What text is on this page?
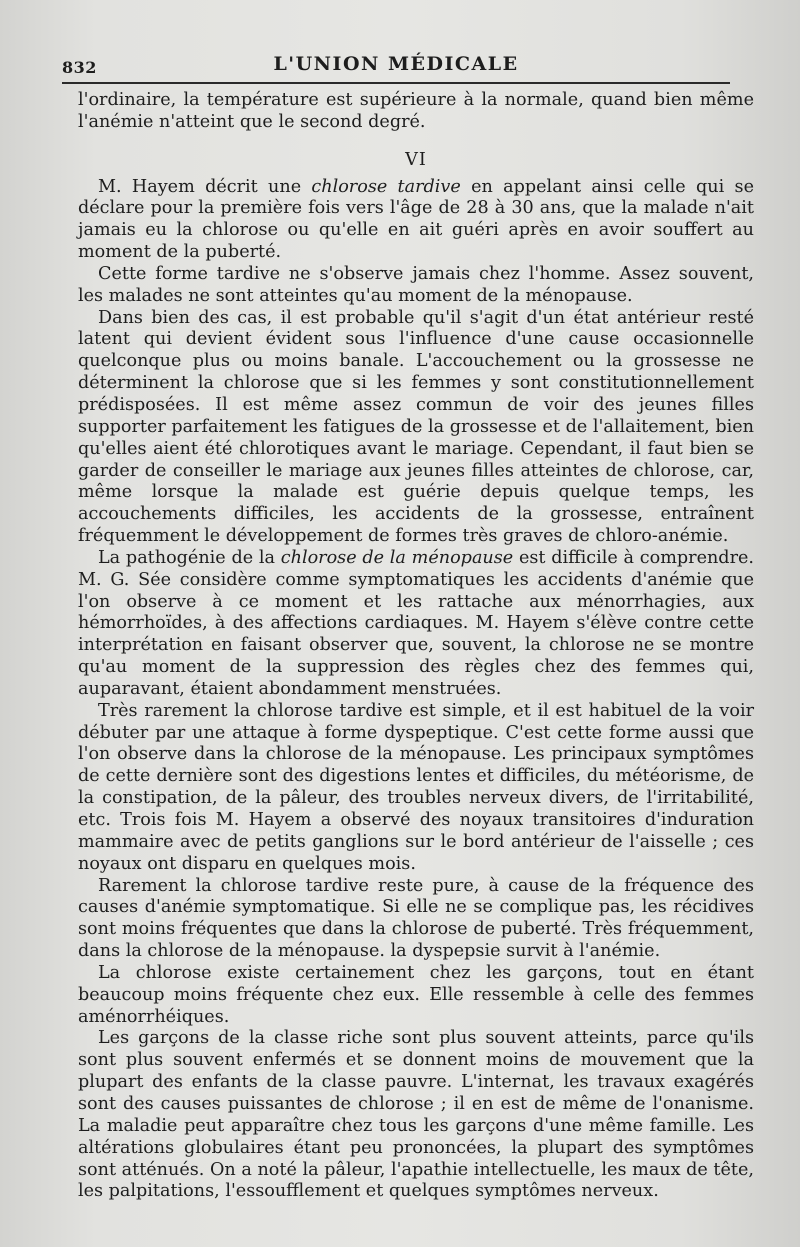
832	L'UNION MÉDICALE

l'ordinaire, la température est supérieure à la normale, quand bien même l'anémie n'atteint que le second degré.

VI

M. Hayem décrit une chlorose tardive en appelant ainsi celle qui se déclare pour la première fois vers l'âge de 28 à 30 ans, que la malade n'ait jamais eu la chlorose ou qu'elle en ait guéri après en avoir souffert au moment de la puberté.

Cette forme tardive ne s'observe jamais chez l'homme. Assez souvent, les malades ne sont atteintes qu'au moment de la ménopause.

Dans bien des cas, il est probable qu'il s'agit d'un état antérieur resté latent qui devient évident sous l'influence d'une cause occasionnelle quelconque plus ou moins banale. L'accouchement ou la grossesse ne déterminent la chlorose que si les femmes y sont constitutionnellement prédisposées. Il est même assez commun de voir des jeunes filles supporter parfaitement les fatigues de la grossesse et de l'allaitement, bien qu'elles aient été chlorotiques avant le mariage. Cependant, il faut bien se garder de conseiller le mariage aux jeunes filles atteintes de chlorose, car, même lorsque la malade est guérie depuis quelque temps, les accouchements difficiles, les accidents de la grossesse, entraînent fréquemment le développement de formes très graves de chloro-anémie.

La pathogénie de la chlorose de la ménopause est difficile à comprendre. M. G. Sée considère comme symptomatiques les accidents d'anémie que l'on observe à ce moment et les rattache aux ménorrhagies, aux hémorrhoïdes, à des affections cardiaques. M. Hayem s'élève contre cette interprétation en faisant observer que, souvent, la chlorose ne se montre qu'au moment de la suppression des règles chez des femmes qui, auparavant, étaient abondamment menstruées.

Très rarement la chlorose tardive est simple, et il est habituel de la voir débuter par une attaque à forme dyspeptique. C'est cette forme aussi que l'on observe dans la chlorose de la ménopause. Les principaux symptômes de cette dernière sont des digestions lentes et difficiles, du météorisme, de la constipation, de la pâleur, des troubles nerveux divers, de l'irritabilité, etc. Trois fois M. Hayem a observé des noyaux transitoires d'induration mammaire avec de petits ganglions sur le bord antérieur de l'aisselle ; ces noyaux ont disparu en quelques mois.

Rarement la chlorose tardive reste pure, à cause de la fréquence des causes d'anémie symptomatique. Si elle ne se complique pas, les récidives sont moins fréquentes que dans la chlorose de puberté. Très fréquemment, dans la chlorose de la ménopause. la dyspepsie survit à l'anémie.

La chlorose existe certainement chez les garçons, tout en étant beaucoup moins fréquente chez eux. Elle ressemble à celle des femmes aménorrhéiques.

Les garçons de la classe riche sont plus souvent atteints, parce qu'ils sont plus souvent enfermés et se donnent moins de mouvement que la plupart des enfants de la classe pauvre. L'internat, les travaux exagérés sont des causes puissantes de chlorose ; il en est de même de l'onanisme. La maladie peut apparaître chez tous les garçons d'une même famille. Les altérations globulaires étant peu prononcées, la plupart des symptômes sont atténués. On a noté la pâleur, l'apathie intellectuelle, les maux de tête, les palpitations, l'essoufflement et quelques symptômes nerveux.
